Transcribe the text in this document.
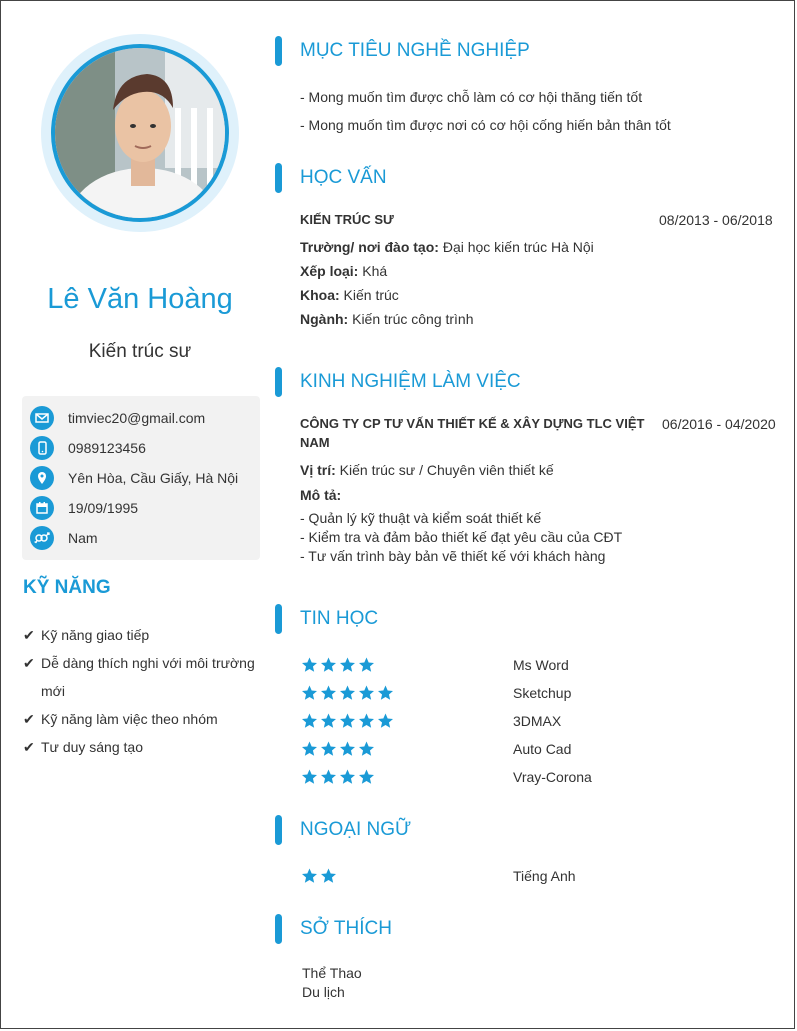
Lê Văn Hoàng
Kiến trúc sư
timviec20@gmail.com
0989123456
Yên Hòa, Cầu Giấy, Hà Nội
19/09/1995
Nam
KỸ NĂNG
✔ Kỹ năng giao tiếp
✔ Dễ dàng thích nghi với môi trường
mới
✔ Kỹ năng làm việc theo nhóm
✔ Tư duy sáng tạo
MỤC TIÊU NGHỀ NGHIỆP
- Mong muốn tìm được chỗ làm có cơ hội thăng tiến tốt
- Mong muốn tìm được nơi có cơ hội cống hiến bản thân tốt
HỌC VẤN
KIẾN TRÚC SƯ	08/2013 - 06/2018
Trường/ nơi đào tạo: Đại học kiến trúc Hà Nội
Xếp loại: Khá
Khoa: Kiến trúc
Ngành: Kiến trúc công trình
KINH NGHIỆM LÀM VIỆC
CÔNG TY CP TƯ VẤN THIẾT KẾ & XÂY DỰNG TLC VIỆT
NAM
06/2016 - 04/2020
Vị trí: Kiến trúc sư / Chuyên viên thiết kế
Mô tả:
- Quản lý kỹ thuật và kiểm soát thiết kế
- Kiểm tra và đảm bảo thiết kế đạt yêu cầu của CĐT
- Tư vấn trình bày bản vẽ thiết kế với khách hàng
TIN HỌC
Ms Word
Sketchup
3DMAX
Auto Cad
Vray-Corona
NGOẠI NGỮ
Tiếng Anh
SỞ THÍCH
Thể Thao
Du lịch
